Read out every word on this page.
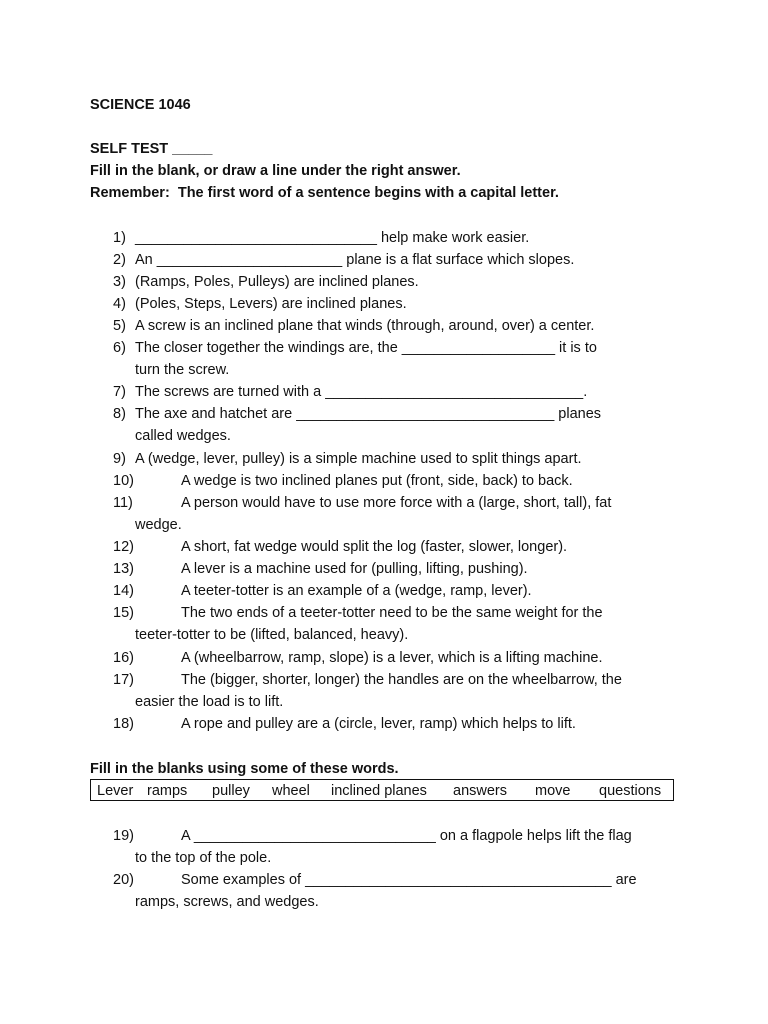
SCIENCE 1046
SELF TEST _____
Fill in the blank, or draw a line under the right answer.
Remember:  The first word of a sentence begins with a capital letter.
1) ______________________________ help make work easier.
2) An _______________________ plane is a flat surface which slopes.
3) (Ramps, Poles, Pulleys) are inclined planes.
4) (Poles, Steps, Levers) are inclined planes.
5) A screw is an inclined plane that winds (through, around, over) a center.
6) The closer together the windings are, the ___________________ it is to
turn the screw.
7) The screws are turned with a ________________________________.
8) The axe and hatchet are ________________________________ planes
called wedges.
9) A (wedge, lever, pulley) is a simple machine used to split things apart.
10)	A wedge is two inclined planes put (front, side, back) to back.
11)	A person would have to use more force with a (large, short, tall), fat
wedge.
12)	A short, fat wedge would split the log (faster, slower, longer).
13)	A lever is a machine used for (pulling, lifting, pushing).
14)	A teeter-totter is an example of a (wedge, ramp, lever).
15)	The two ends of a teeter-totter need to be the same weight for the
teeter-totter to be (lifted, balanced, heavy).
16)	A (wheelbarrow, ramp, slope) is a lever, which is a lifting machine.
17)	The (bigger, shorter, longer) the handles are on the wheelbarrow, the
easier the load is to lift.
18)	A rope and pulley are a (circle, lever, ramp) which helps to lift.
Fill in the blanks using some of these words.
Lever ramps pulley wheel inclined planes answers move questions
19)	A ______________________________ on a flagpole helps lift the flag
to the top of the pole.
20)	Some examples of ______________________________________ are
ramps, screws, and wedges.
